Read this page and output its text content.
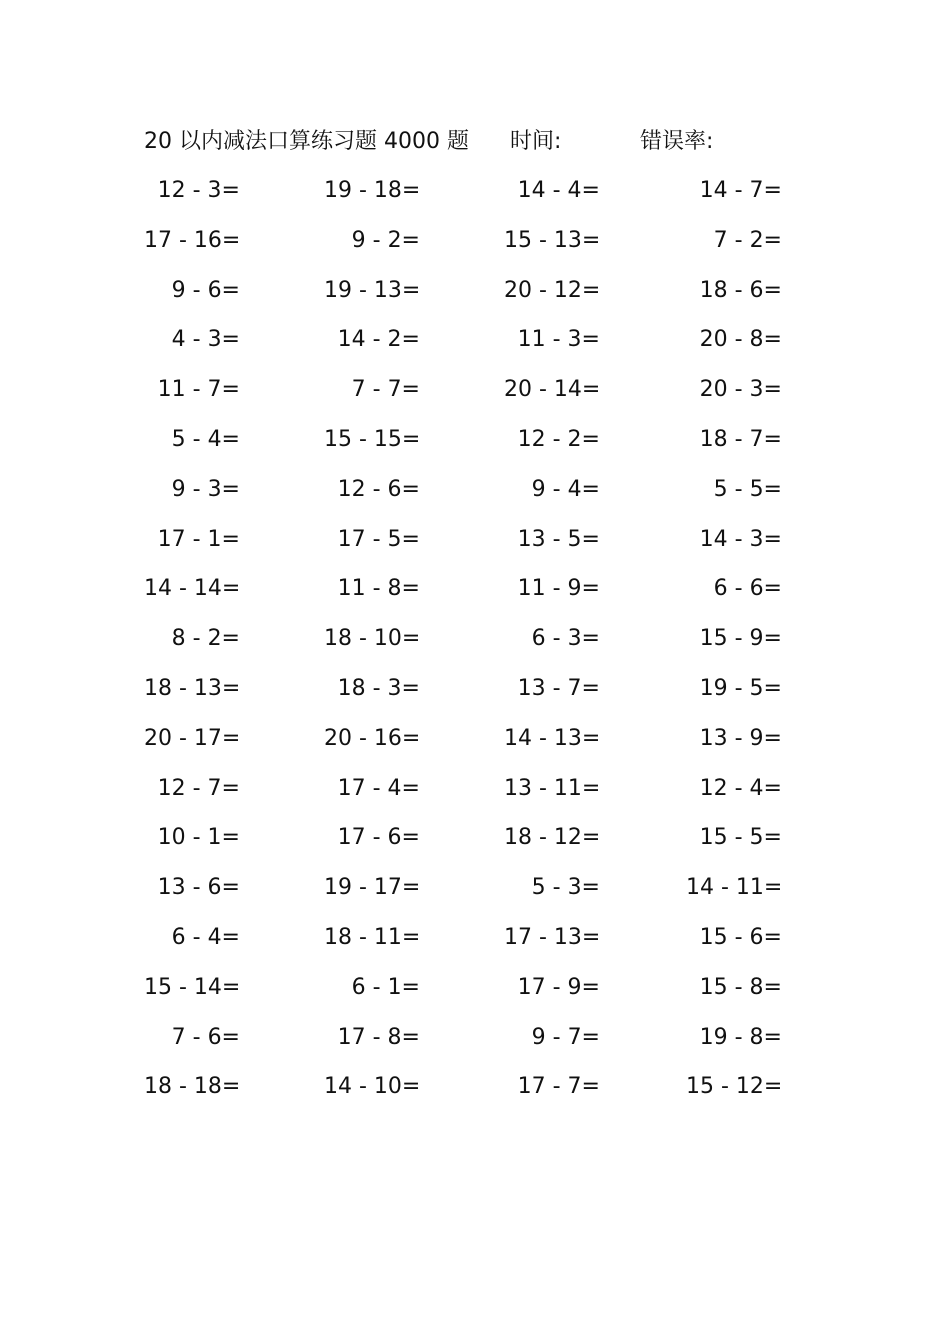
20 以内减法口算练习题 4000 题 时间:	错误率:
12 - 3=	19 - 18=	14 - 4=	14 - 7=
17 - 16=	9 - 2=	15 - 13=	7 - 2=
9 - 6=	19 - 13=	20 - 12=	18 - 6=
4 - 3=	14 - 2=	11 - 3=	20 - 8=
11 - 7=	7 - 7=	20 - 14=	20 - 3=
5 - 4=	15 - 15=	12 - 2=	18 - 7=
9 - 3=	12 - 6=	9 - 4=	5 - 5=
17 - 1=	17 - 5=	13 - 5=	14 - 3=
14 - 14=	11 - 8=	11 - 9=	6 - 6=
8 - 2=	18 - 10=	6 - 3=	15 - 9=
18 - 13=	18 - 3=	13 - 7=	19 - 5=
20 - 17=	20 - 16=	14 - 13=	13 - 9=
12 - 7=	17 - 4=	13 - 11=	12 - 4=
10 - 1=	17 - 6=	18 - 12=	15 - 5=
13 - 6=	19 - 17=	5 - 3=	14 - 11=
6 - 4=	18 - 11=	17 - 13=	15 - 6=
15 - 14=	6 - 1=	17 - 9=	15 - 8=
7 - 6=	17 - 8=	9 - 7=	19 - 8=
18 - 18=	14 - 10=	17 - 7=	15 - 12=
